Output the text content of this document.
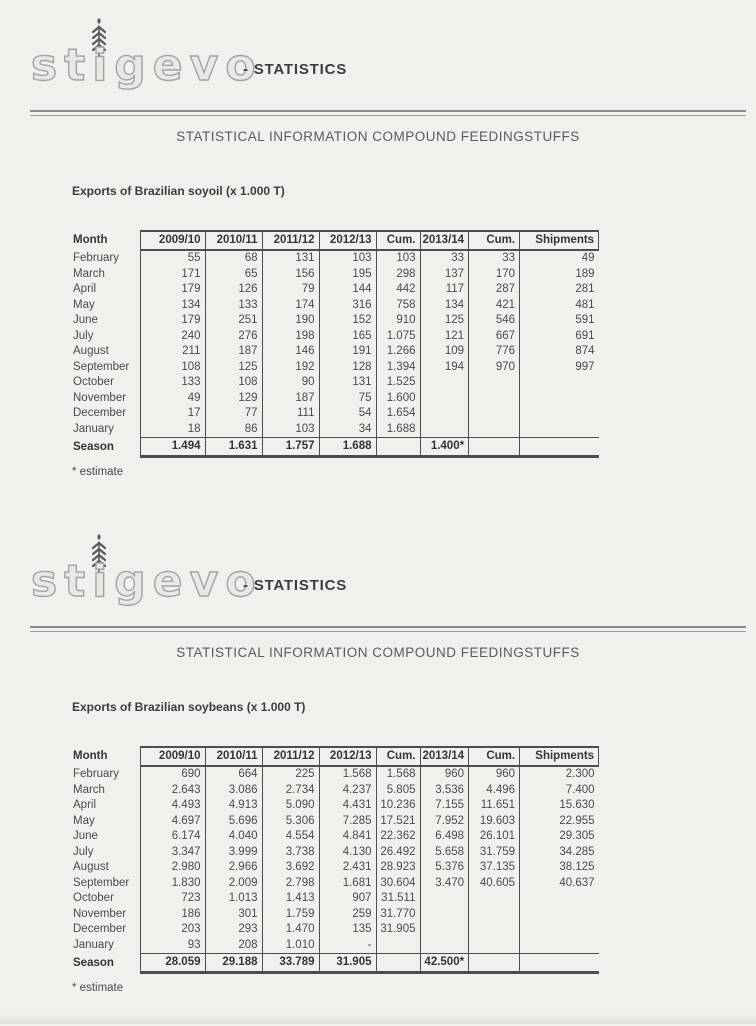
stigevo
- STATISTICS
STATISTICAL INFORMATION COMPOUND FEEDINGSTUFFS
Exports of Brazilian soyoil (x 1.000 T)
Month	2009/10	2010/11	2011/12	2012/13	Cum.	2013/14	Cum.	Shipments
February	55	68	131	103	103	33	33	49
March	171	65	156	195	298	137	170	189
April	179	126	79	144	442	117	287	281
May	134	133	174	316	758	134	421	481
June	179	251	190	152	910	125	546	591
July	240	276	198	165	1.075	121	667	691
August	211	187	146	191	1.266	109	776	874
September	108	125	192	128	1.394	194	970	997
October	133	108	90	131	1.525			
November	49	129	187	75	1.600			
December	17	77	111	54	1.654			
January	18	86	103	34	1.688			
Season	1.494	1.631	1.757	1.688		1.400*		
* estimate
stigevo
- STATISTICS
STATISTICAL INFORMATION COMPOUND FEEDINGSTUFFS
Exports of Brazilian soybeans (x 1.000 T)
Month	2009/10	2010/11	2011/12	2012/13	Cum.	2013/14	Cum.	Shipments
February	690	664	225	1.568	1.568	960	960	2.300
March	2.643	3.086	2.734	4.237	5.805	3.536	4.496	7.400
April	4.493	4.913	5.090	4.431	10.236	7.155	11.651	15.630
May	4.697	5.696	5.306	7.285	17.521	7.952	19.603	22.955
June	6.174	4.040	4.554	4.841	22.362	6.498	26.101	29.305
July	3.347	3.999	3.738	4.130	26.492	5.658	31.759	34.285
August	2.980	2.966	3.692	2.431	28.923	5.376	37.135	38.125
September	1.830	2.009	2.798	1.681	30.604	3.470	40.605	40.637
October	723	1.013	1.413	907	31.511			
November	186	301	1.759	259	31.770			
December	203	293	1.470	135	31.905			
January	93	208	1.010	-				
Season	28.059	29.188	33.789	31.905		42.500*		
* estimate
